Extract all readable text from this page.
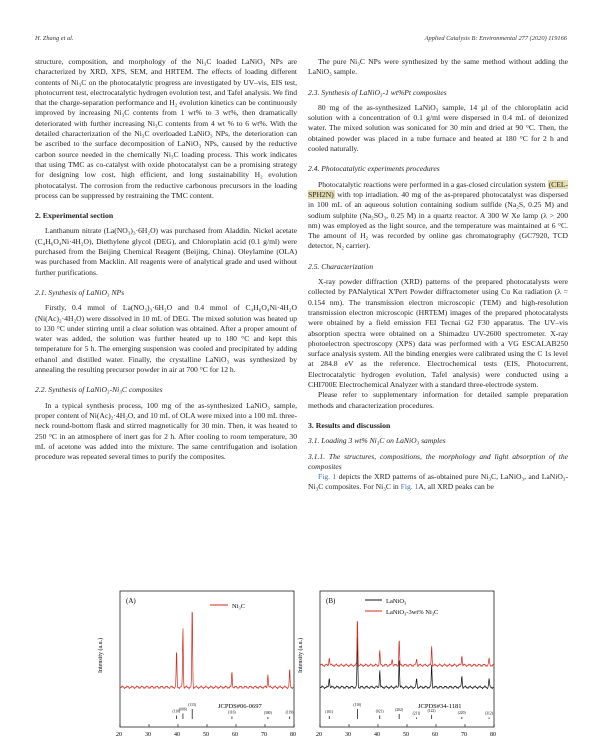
H. Zhang et al.	Applied Catalysis B: Environmental 277 (2020) 119166

structure, composition, and morphology of the Ni₃C loaded LaNiO₃ NPs are characterized by XRD, XPS, SEM, and HRTEM. The effects of loading different contents of Ni₃C on the photocatalytic progress are investigated by UV–vis, EIS test, photocurrent test, electrocatalytic hydrogen evolution test, and Tafel analysis. We find that the charge-separation performance and H₂ evolution kinetics can be continuously improved by increasing Ni₃C contents from 1 wt% to 3 wt%, then dramatically deteriorated with further increasing Ni₃C contents from 4 wt % to 6 wt%. With the detailed characterization of the Ni₃C overloaded LaNiO₃ NPs, the deterioration can be ascribed to the surface decomposition of LaNiO₃ NPs, caused by the reductive carbon source needed in the chemically Ni₃C loading process. This work indicates that using TMC as co-catalyst with oxide photocatalyst can be a promising strategy for designing low cost, high efficient, and long sustainability H₂ evolution photocatalyst. The corrosion from the reductive carbonous precursors in the loading process can be suppressed by restraining the TMC content.

2. Experimental section

Lanthanum nitrate (La(NO₃)₃·6H₂O) was purchased from Aladdin. Nickel acetate (C₄H₆O₄Ni·4H₂O), Diethylene glycol (DEG), and Chloroplatin acid (0.1 g/ml) were purchased from the Beijing Chemical Reagent (Beijing, China). Oleylamine (OLA) was purchased from Macklin. All reagents were of analytical grade and used without further purifications.

2.1. Synthesis of LaNiO₃ NPs

Firstly, 0.4 mmol of La(NO₃)₃·6H₂O and 0.4 mmol of C₄H₆O₄Ni·4H₂O (Ni(Ac)₂·4H₂O) were dissolved in 10 mL of DEG. The mixed solution was heated up to 130 °C under stirring until a clear solution was obtained. After a proper amount of water was added, the solution was further heated up to 180 °C and kept this temperature for 5 h. The emerging suspension was cooled and precipitated by adding ethanol and distilled water. Finally, the crystalline LaNiO₃ was synthesized by annealing the resulting precursor powder in air at 700 °C for 12 h.

2.2. Synthesis of LaNiO₃-Ni₃C composites

In a typical synthesis process, 100 mg of the as-synthesized LaNiO₃ sample, proper content of Ni(Ac)₂·4H₂O, and 10 mL of OLA were mixed into a 100 mL three-neck round-bottom flask and stirred magnetically for 30 min. Then, it was heated to 250 °C in an atmosphere of inert gas for 2 h. After cooling to room temperature, 30 mL of acetone was added into the mixture. The same centrifugation and isolation procedure was repeated several times to purify the composites.

The pure Ni₃C NPs were synthesized by the same method without adding the LaNiO₃ sample.

2.3. Synthesis of LaNiO₃-1 wt%Pt composites

80 mg of the as-synthesized LaNiO₃ sample, 14 µl of the chloroplatin acid solution with a concentration of 0.1 g/ml were dispersed in 0.4 mL of deionized water. The mixed solution was sonicated for 30 min and dried at 90 °C. Then, the obtained powder was placed in a tube furnace and heated at 180 °C for 2 h and cooled naturally.

2.4. Photocatalytic experiments procedures

Photocatalytic reactions were performed in a gas-closed circulation system (CEL-SPH2N) with top irradiation. 40 mg of the as-prepared photocatalyst was dispersed in 100 mL of an aqueous solution containing sodium sulfide (Na₂S, 0.25 M) and sodium sulphite (Na₂SO₃, 0.25 M) in a quartz reactor. A 300 W Xe lamp (λ > 200 nm) was employed as the light source, and the temperature was maintained at 6 °C. The amount of H₂ was recorded by online gas chromatography (GC7920, TCD detector, N₂ carrier).

2.5. Characterization

X-ray powder diffraction (XRD) patterns of the prepared photocatalysts were collected by PANalytical X'Pert Powder diffractometer using Cu Kα radiation (λ = 0.154 nm). The transmission electron microscopic (TEM) and high-resolution transmission electron microscopic (HRTEM) images of the prepared photocatalysts were obtained by a field emission FEI Tecnai G2 F30 apparatus. The UV–vis absorption spectra were obtained on a Shimadzu UV-2600 spectrometer. X-ray photoelectron spectroscopy (XPS) data was performed with a VG ESCALAB250 surface analysis system. All the binding energies were calibrated using the C 1s level at 284.8 eV as the reference. Electrochemical tests (EIS, Photocurrent, Electrocatalytic hydrogen evolution, Tafel analysis) were conducted using a CHI700E Electrochemical Analyzer with a standard three-electrode system.

Please refer to supplementary information for detailed sample preparation methods and characterization procedures.

3. Results and discussion
3.1. Loading 3 wt% Ni₃C on LaNiO₃ samples
3.1.1. The structures, compositions, the morphology and light absorption of the composites

Fig. 1 depicts the XRD patterns of as-obtained pure Ni₃C, LaNiO₃, and LaNiO₃-Ni₃C composites. For Ni₃C in Fig. 1A, all XRD peaks can be

Intensity (a.u.)
(A)
Ni₃C
JCPDS#06-0697
(110)
(006)
(113)
(116)	(300)	(119)
20	30	40	50	60	70	80
Intensity (a.u.)
(B)	LaNiO₃
LaNiO₃-3wt% Ni₃C
JCPDS#34-1181
(101)
(110)
(021)	(202)
(211)
(122)	(220)	(312)
20	30	40	50	60	70	80
